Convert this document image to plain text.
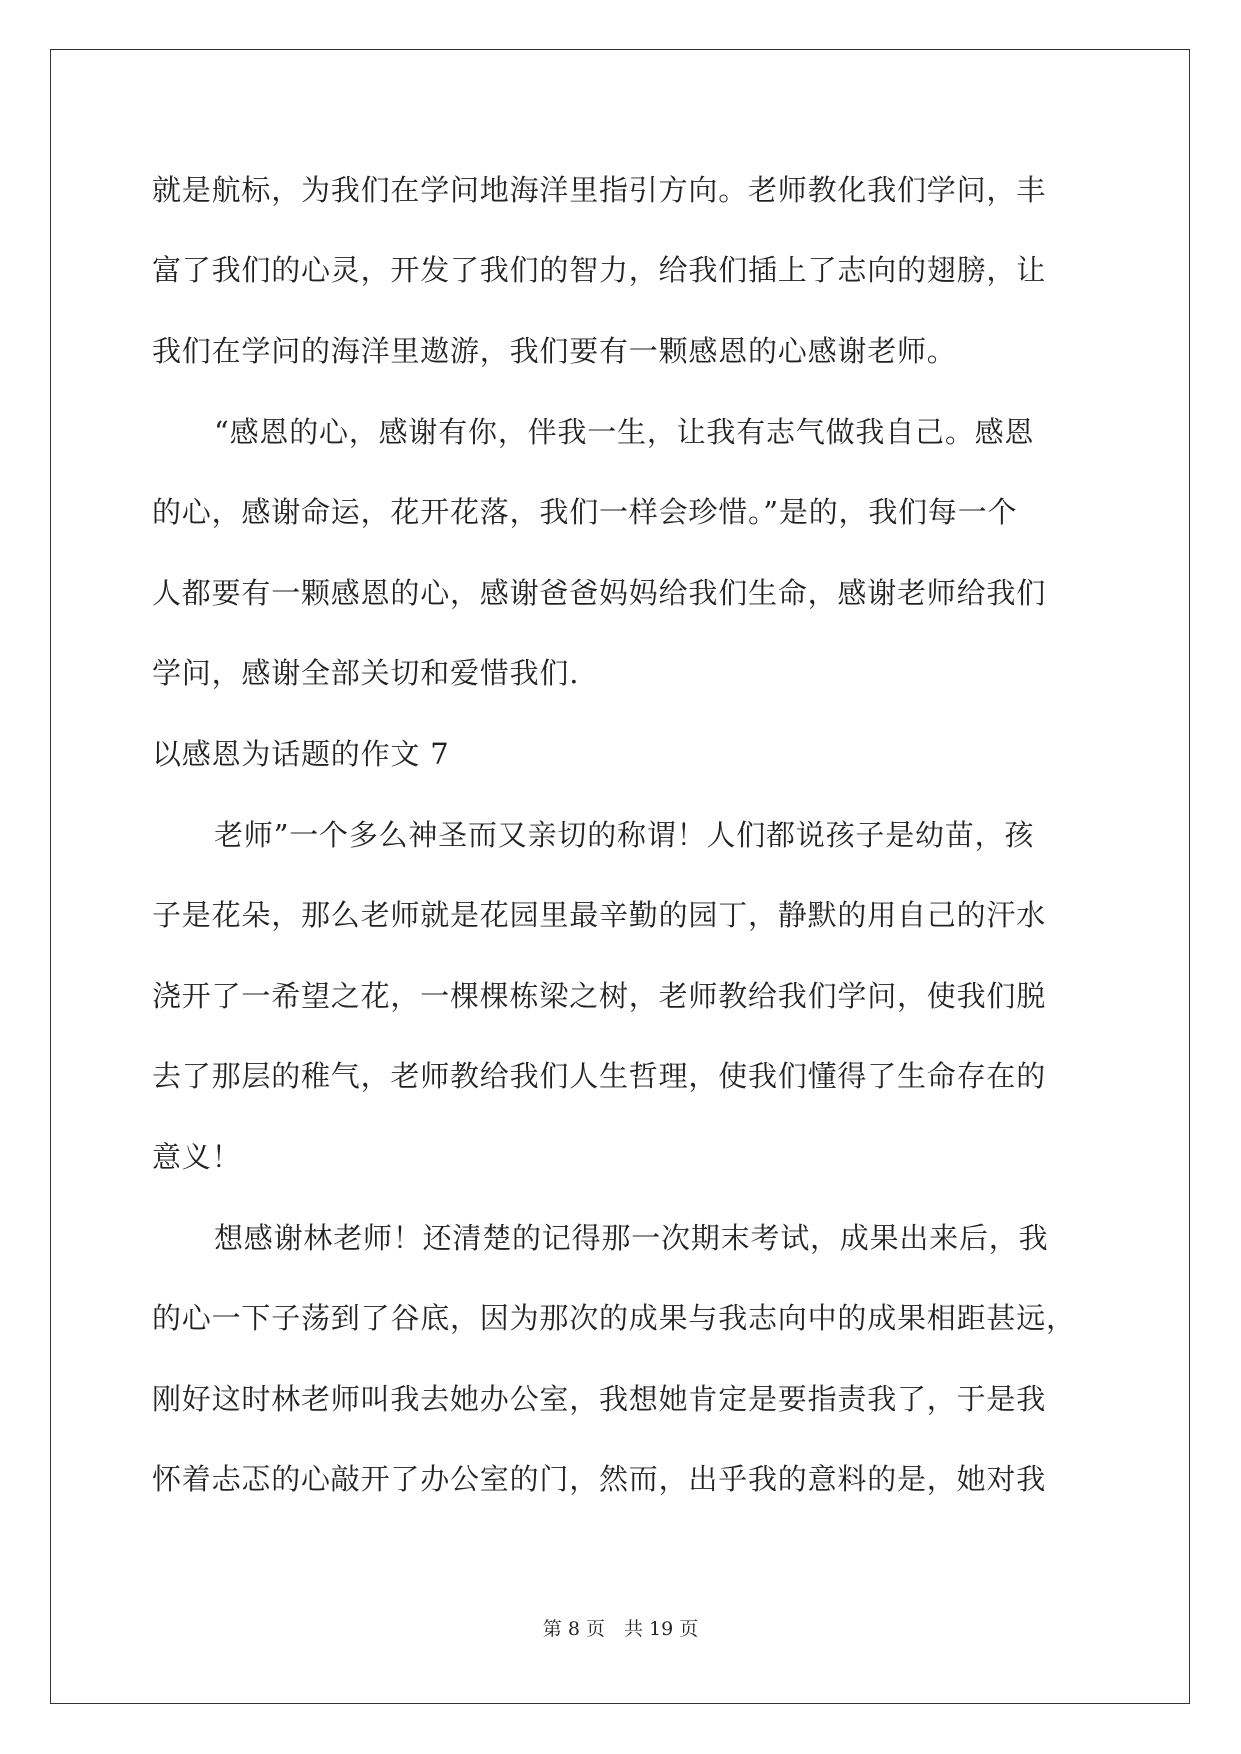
就是航标，为我们在学问地海洋里指引方向。老师教化我们学问，丰
富了我们的心灵，开发了我们的智力，给我们插上了志向的翅膀，让
我们在学问的海洋里遨游，我们要有一颗感恩的心感谢老师。
“感恩的心，感谢有你，伴我一生，让我有志气做我自己。感恩
的心，感谢命运，花开花落，我们一样会珍惜。”是的，我们每一个
人都要有一颗感恩的心，感谢爸爸妈妈给我们生命，感谢老师给我们
学问，感谢全部关切和爱惜我们.
以感恩为话题的作文 7
老师”一个多么神圣而又亲切的称谓！人们都说孩子是幼苗，孩
子是花朵，那么老师就是花园里最辛勤的园丁，静默的用自己的汗水
浇开了一希望之花，一棵棵栋梁之树，老师教给我们学问，使我们脱
去了那层的稚气，老师教给我们人生哲理，使我们懂得了生命存在的
意义！
想感谢林老师！还清楚的记得那一次期末考试，成果出来后，我
的心一下子荡到了谷底，因为那次的成果与我志向中的成果相距甚远，
刚好这时林老师叫我去她办公室，我想她肯定是要指责我了，于是我
怀着忐忑的心敲开了办公室的门，然而，出乎我的意料的是，她对我
第 8 页　共 19 页
